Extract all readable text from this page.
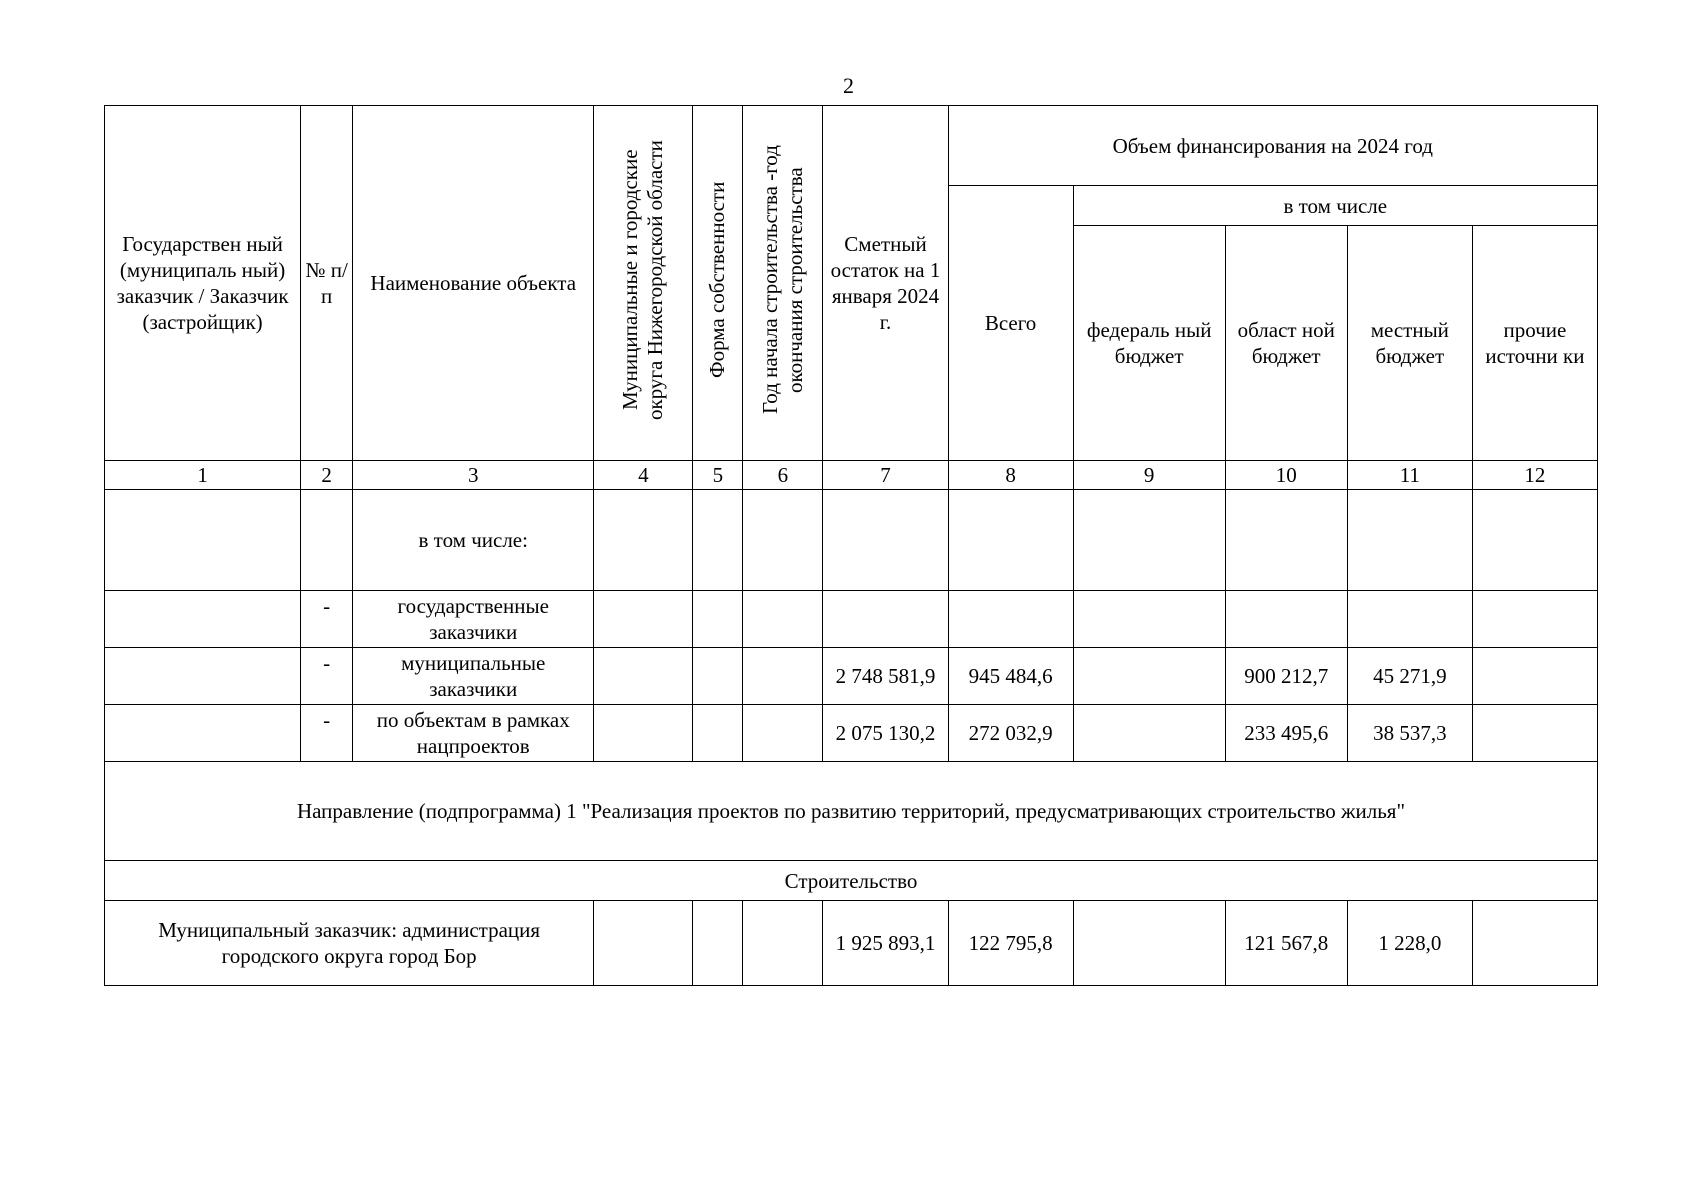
2
Государствен ный (муниципаль ный) заказчик / Заказчик (застройщик)	№ п/ п	Наименование объекта	Муниципальные и городские округа Нижегородской области	Форма собственности	Год начала строительства -год окончания строительства	Сметный остаток на 1 января 2024 г.	Объем финансирования на 2024 год				
							Всего	в том числе			
								федераль ный бюджет	област ной бюджет	местный бюджет	прочие источни ки
1	2	3	4	5	6	7	8	9	10	11	12
		в том числе:									
	-	государственные заказчики									
	-	муниципальные заказчики				2 748 581,9	945 484,6		900 212,7	45 271,9	
	-	по объектам в рамках нацпроектов				2 075 130,2	272 032,9		233 495,6	38 537,3	
Направление (подпрограмма) 1 "Реализация проектов по развитию территорий, предусматривающих строительство жилья"											
Строительство											
Муниципальный заказчик: администрация городского округа город Бор						1 925 893,1	122 795,8		121 567,8	1 228,0	
